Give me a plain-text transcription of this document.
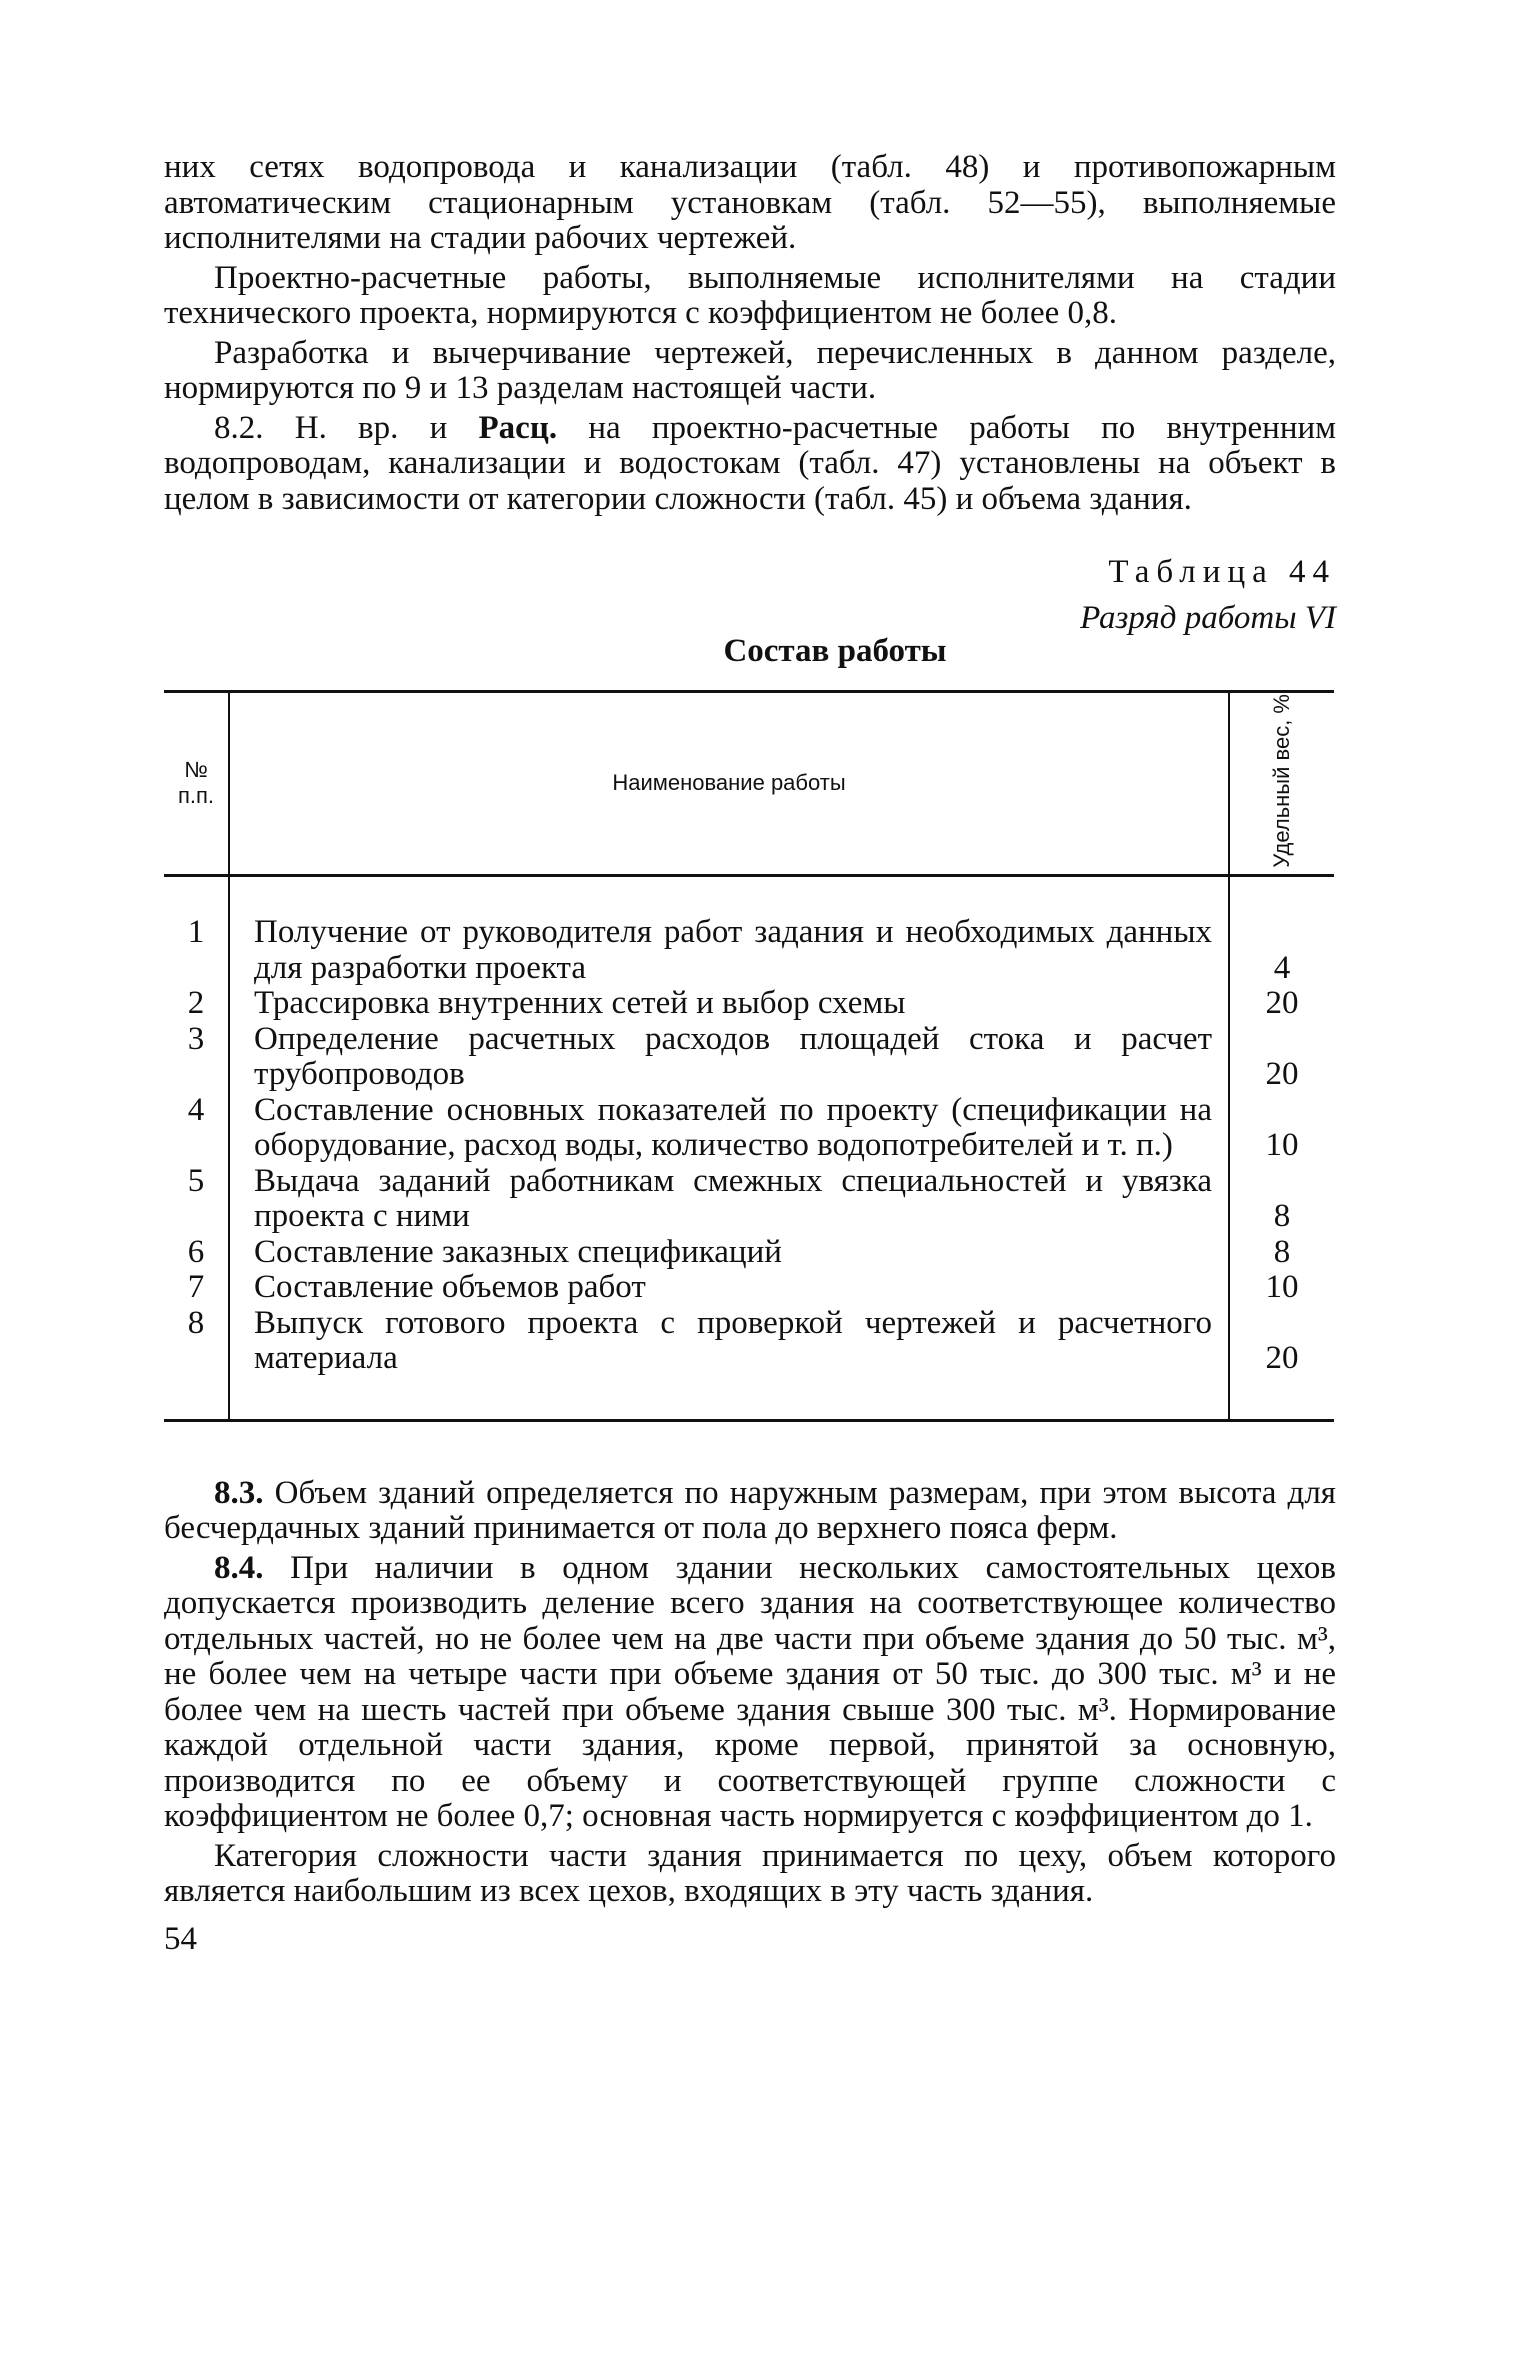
них сетях водопровода и канализации (табл. 48) и противопожарным автоматическим стационарным установкам (табл. 52—55), выполняемые исполнителями на стадии рабочих чертежей.

Проектно-расчетные работы, выполняемые исполнителями на стадии технического проекта, нормируются с коэффициентом не более 0,8.

Разработка и вычерчивание чертежей, перечисленных в данном разделе, нормируются по 9 и 13 разделам настоящей части.

8.2. Н. вр. и Расц. на проектно-расчетные работы по внутренним водопроводам, канализации и водостокам (табл. 47) установлены на объект в целом в зависимости от категории сложности (табл. 45) и объема здания.

Таблица 44
Разряд работы VI
Состав работы
№ п.п.	Наименование работы	Удельный вес, %
1	Получение от руководителя работ задания и необходимых данных для разработки проекта	4
2	Трассировка внутренних сетей и выбор схемы	20
3	Определение расчетных расходов площадей стока и расчет трубопроводов	20
4	Составление основных показателей по проекту (спецификации на оборудование, расход воды, количество водопотребителей и т. п.)	10
5	Выдача заданий работникам смежных специальностей и увязка проекта с ними	8
6	Составление заказных спецификаций	8
7	Составление объемов работ	10
8	Выпуск готового проекта с проверкой чертежей и расчетного материала	20

8.3. Объем зданий определяется по наружным размерам, при этом высота для бесчердачных зданий принимается от пола до верхнего пояса ферм.

8.4. При наличии в одном здании нескольких самостоятельных цехов допускается производить деление всего здания на соответствующее количество отдельных частей, но не более чем на две части при объеме здания до 50 тыс. м³, не более чем на четыре части при объеме здания от 50 тыс. до 300 тыс. м³ и не более чем на шесть частей при объеме здания свыше 300 тыс. м³. Нормирование каждой отдельной части здания, кроме первой, принятой за основную, производится по ее объему и соответствующей группе сложности с коэффициентом не более 0,7; основная часть нормируется с коэффициентом до 1.

Категория сложности части здания принимается по цеху, объем которого является наибольшим из всех цехов, входящих в эту часть здания.

54
